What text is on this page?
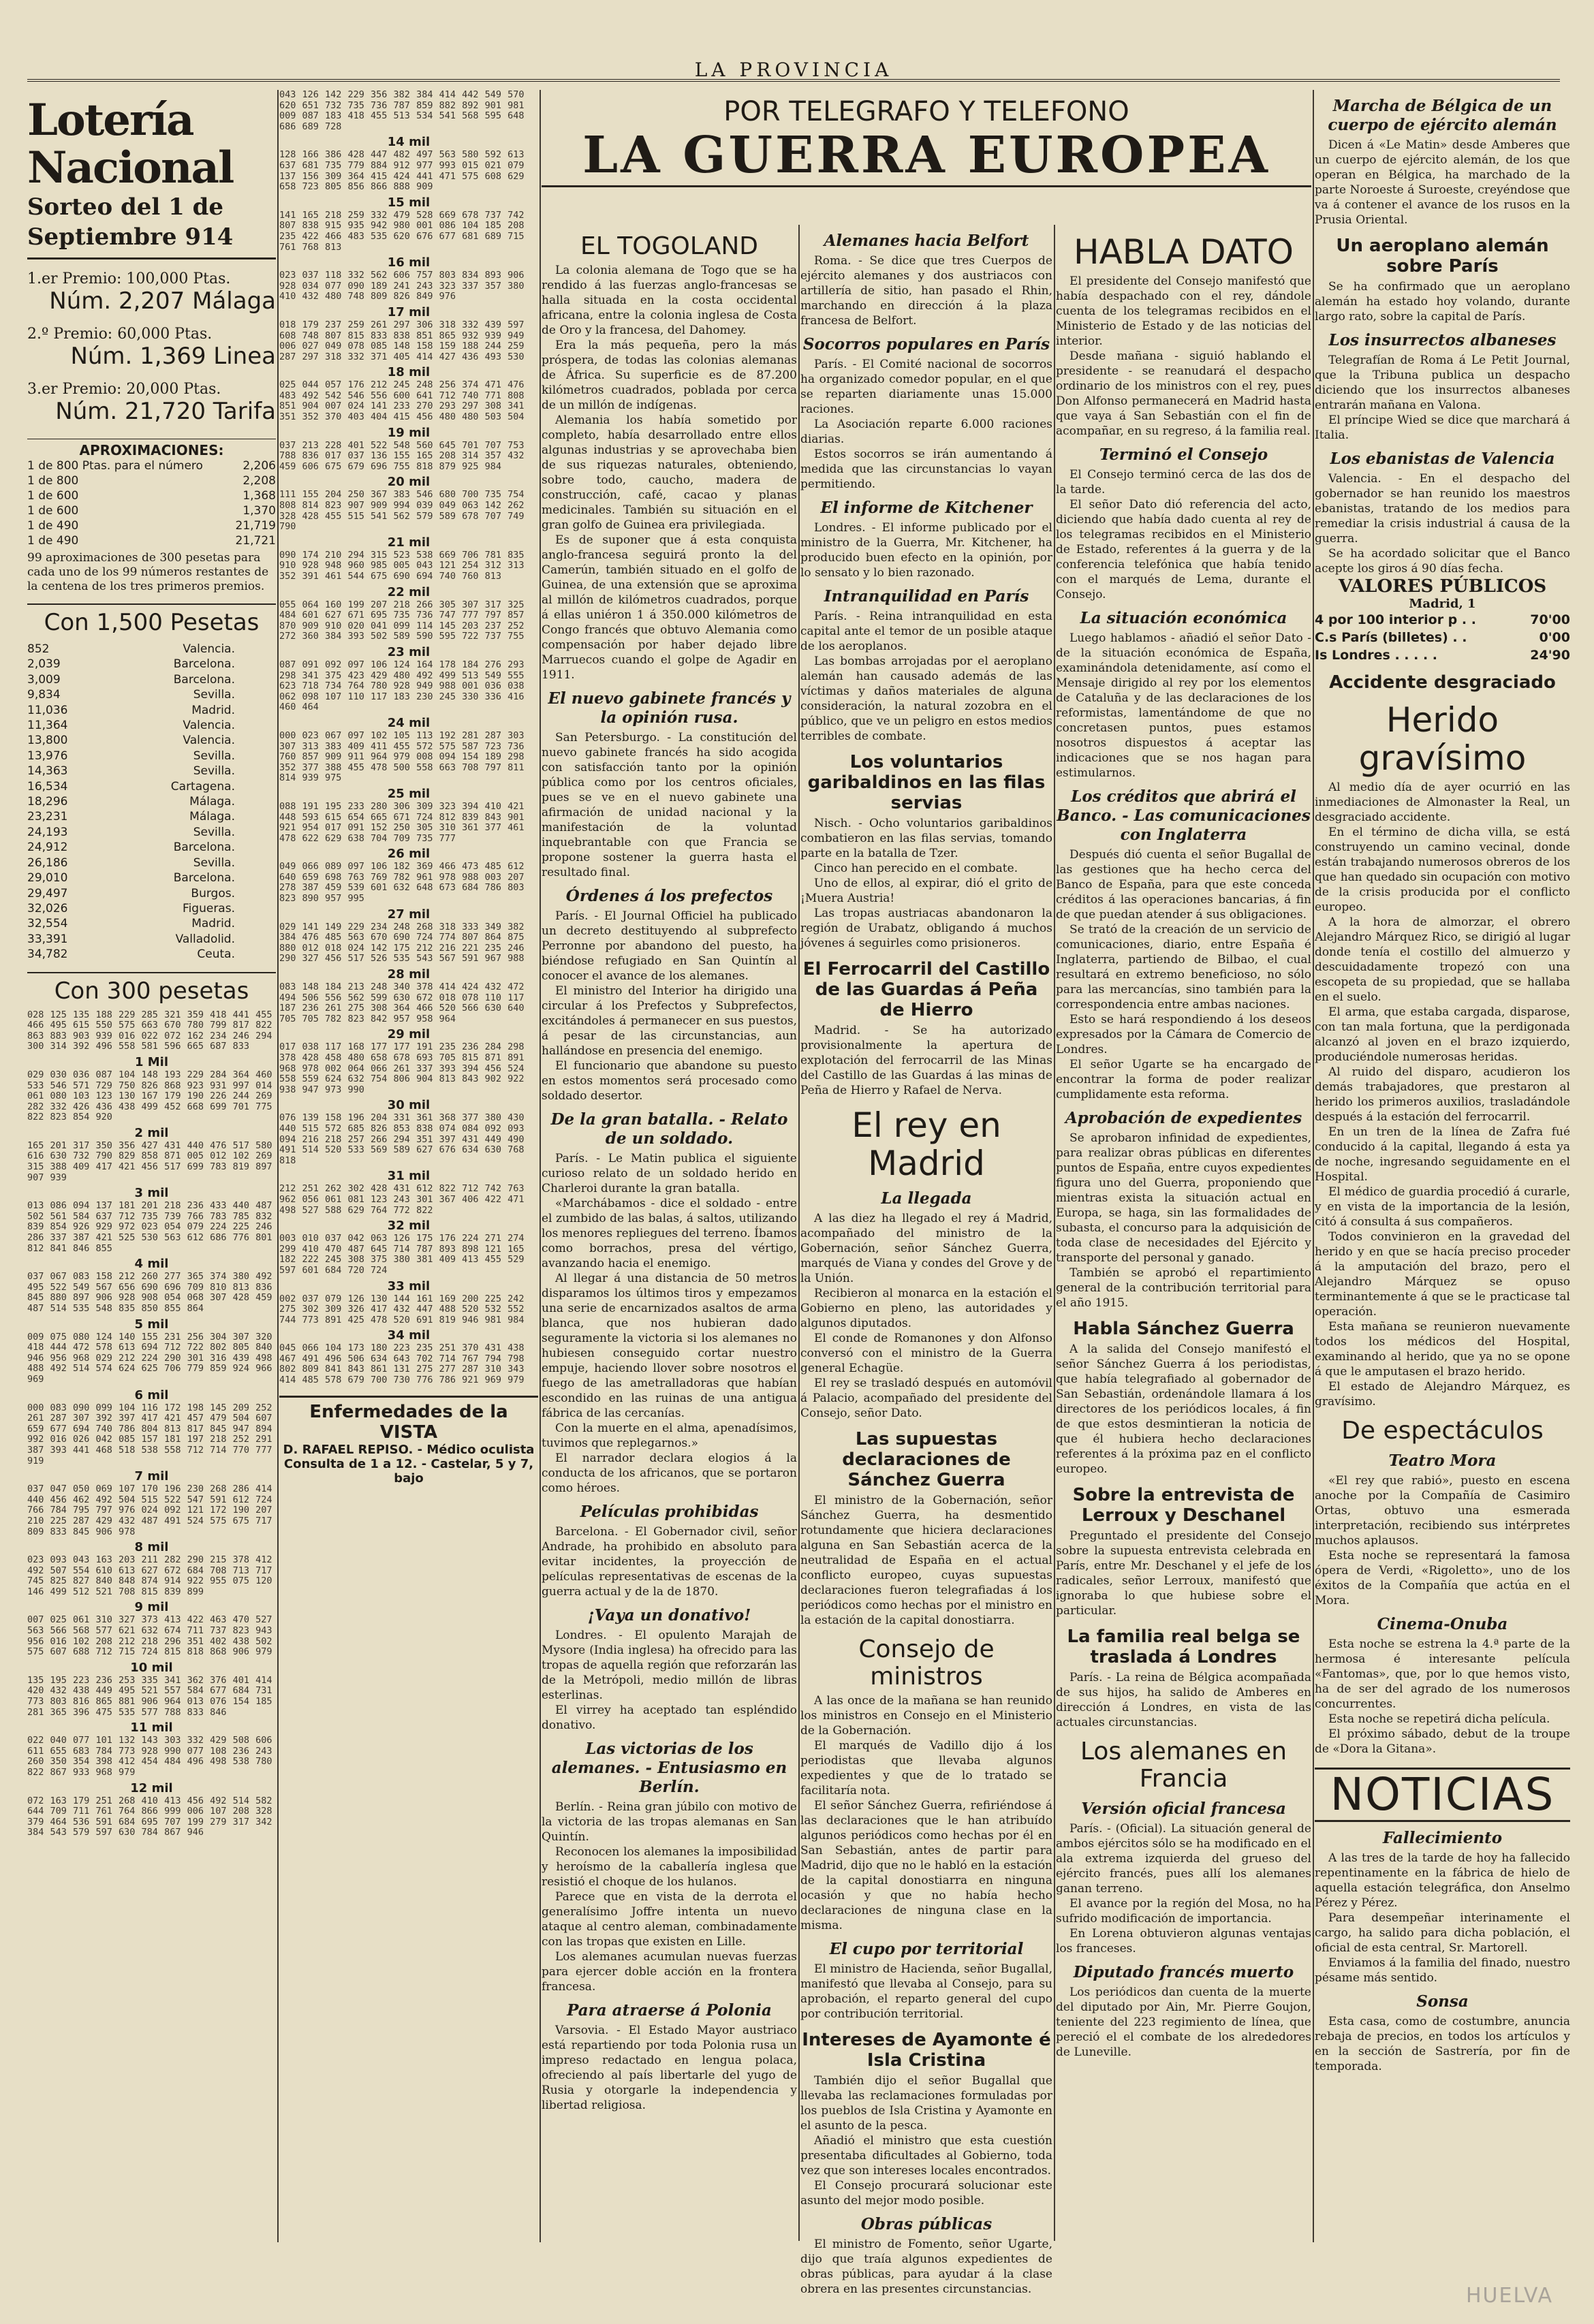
LA PROVINCIA
Lotería Nacional
Sorteo del 1 de Septiembre 914
1.er Premio: 100,000 Ptas.
Núm. 2,207 Málaga
2.º Premio: 60,000 Ptas.
Núm. 1,369 Linea
3.er Premio: 20,000 Ptas.
Núm. 21,720 Tarifa
APROXIMACIONES:
1 de 800 Ptas. para el número	2,206
1 de 800	2,208
1 de 600	1,368
1 de 600	1,370
1 de 490	21,719
1 de 490	21,721
99 aproximaciones de 300 pesetas para cada uno de los 99 números restantes de la centena de los tres primeros premios.
Con 1,500 Pesetas
852	Valencia.
2,039	Barcelona.
3,009	Barcelona.
9,834	Sevilla.
11,036	Madrid.
11,364	Valencia.
13,800	Valencia.
13,976	Sevilla.
14,363	Sevilla.
16,534	Cartagena.
18,296	Málaga.
23,231	Málaga.
24,193	Sevilla.
24,912	Barcelona.
26,186	Sevilla.
29,010	Barcelona.
29,497	Burgos.
32,026	Figueras.
32,554	Madrid.
33,391	Valladolid.
34,782	Ceuta.
Con 300 pesetas
028 125 135 188 229 285 321 359 418 441 455 466 495 615 550 575 663 670 780 799 817 822 863 883 903 939 016 022 072 162 234 246 294 300 314 392 496 558 581 596 665 687 833
1 Mil
029 030 036 087 104 148 193 229 284 364 460 533 546 571 729 750 826 868 923 931 997 014 061 080 103 123 130 167 179 190 226 244 269 282 332 426 436 438 499 452 668 699 701 775 822 823 854 920
2 mil
165 201 317 350 356 427 431 440 476 517 580 616 630 732 790 829 858 871 005 012 102 269 315 388 409 417 421 456 517 699 783 819 897 907 939
3 mil
013 086 094 137 181 201 218 236 433 440 487 502 561 584 637 712 735 739 766 783 785 832 839 854 926 929 972 023 054 079 224 225 246 286 337 387 421 525 530 563 612 686 776 801 812 841 846 855
4 mil
037 067 083 158 212 260 277 365 374 380 492 495 522 549 567 656 690 696 709 810 813 836 845 880 897 906 928 908 054 068 307 428 459 487 514 535 548 835 850 855 864
5 mil
009 075 080 124 140 155 231 256 304 307 320 418 444 472 578 613 694 712 722 802 805 840 946 956 968 029 212 224 290 301 316 439 498 488 492 514 574 624 625 706 779 859 924 966 969
6 mil
000 083 090 099 104 116 172 198 145 209 252 261 287 307 392 397 417 421 457 479 504 607 659 677 694 740 786 804 813 817 845 947 894 992 016 026 042 085 157 181 197 218 252 291 387 393 441 468 518 538 558 712 714 770 777 919
7 mil
037 047 050 069 107 170 196 230 268 286 414 440 456 462 492 504 515 522 547 591 612 724 766 784 795 797 976 024 092 121 172 190 207 210 225 287 429 432 487 491 524 575 675 717 809 833 845 906 978
8 mil
023 093 043 163 203 211 282 290 215 378 412 492 507 554 610 613 627 672 684 708 713 717 745 825 827 840 848 874 914 922 955 075 120 146 499 512 521 708 815 839 899
9 mil
007 025 061 310 327 373 413 422 463 470 527 563 566 568 577 621 632 674 711 737 823 943 956 016 102 208 212 218 296 351 402 438 502 575 607 688 712 715 724 815 818 868 906 979
10 mil
135 195 223 236 253 335 341 362 376 401 414 420 432 438 449 495 521 557 584 677 684 731 773 803 816 865 881 906 964 013 076 154 185 281 365 396 475 535 577 788 833 846
11 mil
022 040 077 101 132 143 303 332 429 508 606 611 655 683 784 773 928 990 077 108 236 243 260 350 354 398 412 454 484 496 498 538 780 822 867 933 968 979
12 mil
072 163 179 251 268 410 413 456 492 514 582 644 709 711 761 764 866 999 006 107 208 328 379 464 536 591 684 695 707 199 279 317 342 384 543 579 597 630 784 867 946
043 126 142 229 356 382 384 414 442 549 570 620 651 732 735 736 787 859 882 892 901 981 009 087 183 418 455 513 534 541 568 595 648 686 689 728
14 mil
128 166 386 428 447 482 497 563 580 592 613 637 681 735 779 884 912 977 993 015 021 079 137 156 309 364 415 424 441 471 575 608 629 658 723 805 856 866 888 909
15 mil
141 165 218 259 332 479 528 669 678 737 742 807 838 915 935 942 980 001 086 104 185 208 235 422 466 483 535 620 676 677 681 689 715 761 768 813
16 mil
023 037 118 332 562 606 757 803 834 893 906 928 034 077 090 189 241 243 323 337 357 380 410 432 480 748 809 826 849 976
17 mil
018 179 237 259 261 297 306 318 332 439 597 608 748 807 815 833 838 851 865 932 939 949 006 027 049 078 085 148 158 159 188 244 259 287 297 318 332 371 405 414 427 436 493 530
18 mil
025 044 057 176 212 245 248 256 374 471 476 483 492 542 546 556 600 641 712 740 771 808 851 904 007 024 141 233 270 293 297 308 341 351 352 370 403 404 415 456 480 480 503 504
19 mil
037 213 228 401 522 548 560 645 701 707 753 788 836 017 037 136 155 165 208 314 357 432 459 606 675 679 696 755 818 879 925 984
20 mil
111 155 204 250 367 383 546 680 700 735 754 808 814 823 907 909 994 039 049 063 142 262 328 428 455 515 541 562 579 589 678 707 749 790
21 mil
090 174 210 294 315 523 538 669 706 781 835 910 928 948 960 985 005 043 121 254 312 313 352 391 461 544 675 690 694 740 760 813
22 mil
055 064 160 199 207 218 266 305 307 317 325 484 601 627 671 695 735 736 747 777 797 857 870 909 910 020 041 099 114 145 203 237 252 272 360 384 393 502 589 590 595 722 737 755
23 mil
087 091 092 097 106 124 164 178 184 276 293 298 341 375 423 429 480 492 499 513 549 555 623 718 734 764 780 928 949 988 001 036 038 062 098 107 110 117 183 230 245 330 336 416 460 464
24 mil
000 023 067 097 102 105 113 192 281 287 303 307 313 383 409 411 455 572 575 587 723 736 760 857 909 911 964 979 008 094 154 189 298 352 377 388 455 478 500 558 663 708 797 811 814 939 975
25 mil
088 191 195 233 280 306 309 323 394 410 421 448 593 615 654 665 671 724 812 839 843 901 921 954 017 091 152 250 305 310 361 377 461 478 622 629 638 704 709 735 777
26 mil
049 066 089 097 106 182 369 466 473 485 612 640 659 698 763 769 782 961 978 988 003 207 278 387 459 539 601 632 648 673 684 786 803 823 890 957 995
27 mil
029 141 149 229 234 248 268 318 333 349 382 384 476 485 563 670 690 724 774 807 864 875 880 012 018 024 142 175 212 216 221 235 246 290 327 456 517 526 535 543 567 591 967 988
28 mil
083 148 184 213 248 340 378 414 424 432 472 494 506 556 562 599 630 672 018 078 110 117 187 236 261 275 308 364 466 520 566 630 640 705 705 782 823 842 957 958 964
29 mil
017 038 117 168 177 177 191 235 236 284 298 378 428 458 480 658 678 693 705 815 871 891 968 978 002 064 066 261 337 393 394 456 524 558 559 624 632 754 806 904 813 843 902 922 938 947 973 990
30 mil
076 139 158 196 204 331 361 368 377 380 430 440 515 572 685 826 853 838 074 084 092 093 094 216 218 257 266 294 351 397 431 449 490 491 514 520 533 569 589 627 676 634 630 768 818
31 mil
212 251 262 302 428 431 612 822 712 742 763 962 056 061 081 123 243 301 367 406 422 471 498 527 588 629 764 772 822
32 mil
003 010 037 042 063 126 175 176 224 271 274 299 410 470 487 645 714 787 893 898 121 165 182 222 245 308 375 380 381 409 413 455 529 597 601 684 720 724
33 mil
002 037 079 126 130 144 161 169 200 225 242 275 302 309 326 417 432 447 488 520 532 552 744 773 891 425 478 520 691 819 946 981 984
34 mil
045 066 104 173 180 223 235 251 370 431 438 467 491 496 506 634 643 702 714 767 794 798 802 809 841 843 861 131 275 277 287 310 343 414 485 578 679 700 730 776 786 921 969 979
Enfermedades de la VISTA
D. RAFAEL REPISO. - Médico oculista
Consulta de 1 a 12. - Castelar, 5 y 7, bajo
POR TELEGRAFO Y TELEFONO
LA GUERRA EUROPEA
EL TOGOLAND

La colonia alemana de Togo que se ha rendido á las fuerzas anglo-francesas se halla situada en la costa occidental africana, entre la colonia inglesa de Costa de Oro y la francesa, del Dahomey.

Era la más pequeña, pero la más próspera, de todas las colonias alemanas de África. Su superficie es de 87.200 kilómetros cuadrados, poblada por cerca de un millón de indígenas.

Alemania los había sometido por completo, había desarrollado entre ellos algunas industrias y se aprovechaba bien de sus riquezas naturales, obteniendo, sobre todo, caucho, madera de construcción, café, cacao y planas medicinales. También su situación en el gran golfo de Guinea era privilegiada.

Es de suponer que á esta conquista anglo-francesa seguirá pronto la del Camerún, también situado en el golfo de Guinea, de una extensión que se aproxima al millón de kilómetros cuadrados, porque á ellas uniéron 1 á 350.000 kilómetros de Congo francés que obtuvo Alemania como compensación por haber dejado libre Marruecos cuando el golpe de Agadir en 1911.

El nuevo gabinete francés y la opinión rusa.

San Petersburgo. - La constitución del nuevo gabinete francés ha sido acogida con satisfacción tanto por la opinión pública como por los centros oficiales, pues se ve en el nuevo gabinete una afirmación de unidad nacional y la manifestación de la voluntad inquebrantable con que Francia se propone sostener la guerra hasta el resultado final.

Órdenes á los prefectos

París. - El Journal Officiel ha publicado un decreto destituyendo al subprefecto Perronne por abandono del puesto, ha biéndose refugiado en San Quintín al conocer el avance de los alemanes.

El ministro del Interior ha dirigido una circular á los Prefectos y Subprefectos, excitándoles á permanecer en sus puestos, á pesar de las circunstancias, aun hallándose en presencia del enemigo.

El funcionario que abandone su puesto en estos momentos será procesado como soldado desertor.

De la gran batalla. - Relato de un soldado.

París. - Le Matin publica el siguiente curioso relato de un soldado herido en Charleroi durante la gran batalla.

«Marchábamos - dice el soldado - entre el zumbido de las balas, á saltos, utilizando los menores repliegues del terreno. Íbamos como borrachos, presa del vértigo, avanzando hacia el enemigo.

Al llegar á una distancia de 50 metros disparamos los últimos tiros y empezamos una serie de encarnizados asaltos de arma blanca, que nos hubieran dado seguramente la victoria si los alemanes no hubiesen conseguido cortar nuestro empuje, haciendo llover sobre nosotros el fuego de las ametralladoras que habían escondido en las ruinas de una antigua fábrica de las cercanías.

Con la muerte en el alma, apenadísimos, tuvimos que replegarnos.»

El narrador declara elogios á la conducta de los africanos, que se portaron como héroes.

Películas prohibidas

Barcelona. - El Gobernador civil, señor Andrade, ha prohibido en absoluto para evitar incidentes, la proyección de películas representativas de escenas de la guerra actual y de la de 1870.

¡Vaya un donativo!

Londres. - El opulento Marajah de Mysore (India inglesa) ha ofrecido para las tropas de aquella región que reforzarán las de la Metrópoli, medio millón de libras esterlinas.

El virrey ha aceptado tan espléndido donativo.

Las victorias de los alemanes. - Entusiasmo en Berlín.

Berlín. - Reina gran júbilo con motivo de la victoria de las tropas alemanas en San Quintín.

Reconocen los alemanes la imposibilidad y heroísmo de la caballería inglesa que resistió el choque de los hulanos.

Parece que en vista de la derrota el generalísimo Joffre intenta un nuevo ataque al centro aleman, combinadamente con las tropas que existen en Lille.

Los alemanes acumulan nuevas fuerzas para ejercer doble acción en la frontera francesa.

Para atraerse á Polonia

Varsovia. - El Estado Mayor austriaco está repartiendo por toda Polonia rusa un impreso redactado en lengua polaca, ofreciendo al país libertarle del yugo de Rusia y otorgarle la independencia y libertad religiosa.

Alemanes hacia Belfort

Roma. - Se dice que tres Cuerpos de ejército alemanes y dos austriacos con artillería de sitio, han pasado el Rhin, marchando en dirección á la plaza francesa de Belfort.

Socorros populares en París

París. - El Comité nacional de socorros ha organizado comedor popular, en el que se reparten diariamente unas 15.000 raciones.

La Asociación reparte 6.000 raciones diarias.

Estos socorros se irán aumentando á medida que las circunstancias lo vayan permitiendo.

El informe de Kitchener

Londres. - El informe publicado por el ministro de la Guerra, Mr. Kitchener, ha producido buen efecto en la opinión, por lo sensato y lo bien razonado.

Intranquilidad en París

París. - Reina intranquilidad en esta capital ante el temor de un posible ataque de los aeroplanos.

Las bombas arrojadas por el aeroplano alemán han causado además de las víctimas y daños materiales de alguna consideración, la natural zozobra en el público, que ve un peligro en estos medios terribles de combate.

Los voluntarios garibaldinos en las filas servias

Nisch. - Ocho voluntarios garibaldinos combatieron en las filas servias, tomando parte en la batalla de Tzer.

Cinco han perecido en el combate.

Uno de ellos, al expirar, dió el grito de ¡Muera Austria!

Las tropas austriacas abandonaron la región de Urabatz, obligando á muchos jóvenes á seguirles como prisioneros.

El Ferrocarril del Castillo de las Guardas á Peña de Hierro

Madrid. - Se ha autorizado provisionalmente la apertura de explotación del ferrocarril de las Minas del Castillo de las Guardas á las minas de Peña de Hierro y Rafael de Nerva.

El rey en Madrid
La llegada

A las diez ha llegado el rey á Madrid, acompañado del ministro de la Gobernación, señor Sánchez Guerra, marqués de Viana y condes del Grove y de la Unión.

Recibieron al monarca en la estación el Gobierno en pleno, las autoridades y algunos diputados.

El conde de Romanones y don Alfonso conversó con el ministro de la Guerra general Echagüe.

El rey se trasladó después en automóvil á Palacio, acompañado del presidente del Consejo, señor Dato.

Las supuestas declaraciones de Sánchez Guerra

El ministro de la Gobernación, señor Sánchez Guerra, ha desmentido rotundamente que hiciera declaraciones alguna en San Sebastián acerca de la neutralidad de España en el actual conflicto europeo, cuyas supuestas declaraciones fueron telegrafiadas á los periódicos como hechas por el ministro en la estación de la capital donostiarra.

Consejo de ministros

A las once de la mañana se han reunido los ministros en Consejo en el Ministerio de la Gobernación.

El marqués de Vadillo dijo á los periodistas que llevaba algunos expedientes y que de lo tratado se facilitaría nota.

El señor Sánchez Guerra, refiriéndose á las declaraciones que le han atribuído algunos periódicos como hechas por él en San Sebastián, antes de partir para Madrid, dijo que no le habló en la estación de la capital donostiarra en ninguna ocasión y que no había hecho declaraciones de ninguna clase en la misma.

El cupo por territorial

El ministro de Hacienda, señor Bugallal, manifestó que llevaba al Consejo, para su aprobación, el reparto general del cupo por contribución territorial.

Intereses de Ayamonte é Isla Cristina

También dijo el señor Bugallal que llevaba las reclamaciones formuladas por los pueblos de Isla Cristina y Ayamonte en el asunto de la pesca.

Añadió el ministro que esta cuestión presentaba dificultades al Gobierno, toda vez que son intereses locales encontrados.

El Consejo procurará solucionar este asunto del mejor modo posible.

Obras públicas

El ministro de Fomento, señor Ugarte, dijo que traía algunos expedientes de obras públicas, para ayudar á la clase obrera en las presentes circunstancias.

HABLA DATO

El presidente del Consejo manifestó que había despachado con el rey, dándole cuenta de los telegramas recibidos en el Ministerio de Estado y de las noticias del interior.

Desde mañana - siguió hablando el presidente - se reanudará el despacho ordinario de los ministros con el rey, pues Don Alfonso permanecerá en Madrid hasta que vaya á San Sebastián con el fin de acompañar, en su regreso, á la familia real.

Terminó el Consejo

El Consejo terminó cerca de las dos de la tarde.

El señor Dato dió referencia del acto, diciendo que había dado cuenta al rey de los telegramas recibidos en el Ministerio de Estado, referentes á la guerra y de la conferencia telefónica que había tenido con el marqués de Lema, durante el Consejo.

La situación económica

Luego hablamos - añadió el señor Dato - de la situación económica de España, examinándola detenidamente, así como el Mensaje dirigido al rey por los elementos de Cataluña y de las declaraciones de los reformistas, lamentándome de que no concretasen puntos, pues estamos nosotros dispuestos á aceptar las indicaciones que se nos hagan para estimularnos.

Los créditos que abrirá el Banco. - Las comunicaciones con Inglaterra

Después dió cuenta el señor Bugallal de las gestiones que ha hecho cerca del Banco de España, para que este conceda créditos á las operaciones bancarias, á fin de que puedan atender á sus obligaciones.

Se trató de la creación de un servicio de comunicaciones, diario, entre España é Inglaterra, partiendo de Bilbao, el cual resultará en extremo beneficioso, no sólo para las mercancías, sino también para la correspondencia entre ambas naciones.

Esto se hará respondiendo á los deseos expresados por la Cámara de Comercio de Londres.

El señor Ugarte se ha encargado de encontrar la forma de poder realizar cumplidamente esta reforma.

Aprobación de expedientes

Se aprobaron infinidad de expedientes, para realizar obras públicas en diferentes puntos de España, entre cuyos expedientes figura uno del Guerra, proponiendo que mientras exista la situación actual en Europa, se haga, sin las formalidades de subasta, el concurso para la adquisición de toda clase de necesidades del Ejército y transporte del personal y ganado.

También se aprobó el repartimiento general de la contribución territorial para el año 1915.

Habla Sánchez Guerra

A la salida del Consejo manifestó el señor Sánchez Guerra á los periodistas, que había telegrafiado al gobernador de San Sebastián, ordenándole llamara á los directores de los periódicos locales, á fin de que estos desmintieran la noticia de que él hubiera hecho declaraciones referentes á la próxima paz en el conflicto europeo.

Sobre la entrevista de Lerroux y Deschanel

Preguntado el presidente del Consejo sobre la supuesta entrevista celebrada en París, entre Mr. Deschanel y el jefe de los radicales, señor Lerroux, manifestó que ignoraba lo que hubiese sobre el particular.

La familia real belga se traslada á Londres

París. - La reina de Bélgica acompañada de sus hijos, ha salido de Amberes en dirección á Londres, en vista de las actuales circunstancias.

Los alemanes en Francia
Versión oficial francesa

París. - (Oficial). La situación general de ambos ejércitos sólo se ha modificado en el ala extrema izquierda del grueso del ejército francés, pues allí los alemanes ganan terreno.

El avance por la región del Mosa, no ha sufrido modificación de importancia.

En Lorena obtuvieron algunas ventajas los franceses.

Diputado francés muerto

Los periódicos dan cuenta de la muerte del diputado por Ain, Mr. Pierre Goujon, teniente del 223 regimiento de línea, que pereció el el combate de los alrededores de Luneville.

Marcha de Bélgica de un cuerpo de ejército alemán

Dicen á «Le Matin» desde Amberes que un cuerpo de ejército alemán, de los que operan en Bélgica, ha marchado de la parte Noroeste á Suroeste, creyéndose que va á contener el avance de los rusos en la Prusia Oriental.

Un aeroplano alemán sobre París

Se ha confirmado que un aeroplano alemán ha estado hoy volando, durante largo rato, sobre la capital de París.

Los insurrectos albaneses

Telegrafían de Roma á Le Petit Journal, que la Tribuna publica un despacho diciendo que los insurrectos albaneses entrarán mañana en Valona.

El príncipe Wied se dice que marchará á Italia.

Los ebanistas de Valencia

Valencia. - En el despacho del gobernador se han reunido los maestros ebanistas, tratando de los medios para remediar la crisis industrial á causa de la guerra.

Se ha acordado solicitar que el Banco acepte los giros á 90 días fecha.

VALORES PÚBLICOS
Madrid, 1
4 por 100 interior p . .	70'00
C.s París (billetes) . .	0'00
Is Londres . . . . .	24'90
Accidente desgraciado
Herido gravísimo

Al medio día de ayer ocurrió en las inmediaciones de Almonaster la Real, un desgraciado accidente.

En el término de dicha villa, se está construyendo un camino vecinal, donde están trabajando numerosos obreros de los que han quedado sin ocupación con motivo de la crisis producida por el conflicto europeo.

A la hora de almorzar, el obrero Alejandro Márquez Rico, se dirigió al lugar donde tenía el costillo del almuerzo y descuidadamente tropezó con una escopeta de su propiedad, que se hallaba en el suelo.

El arma, que estaba cargada, disparose, con tan mala fortuna, que la perdigonada alcanzó al joven en el brazo izquierdo, produciéndole numerosas heridas.

Al ruido del disparo, acudieron los demás trabajadores, que prestaron al herido los primeros auxilios, trasladándole después á la estación del ferrocarril.

En un tren de la línea de Zafra fué conducido á la capital, llegando á esta ya de noche, ingresando seguidamente en el Hospital.

El médico de guardia procedió á curarle, y en vista de la importancia de la lesión, citó á consulta á sus compañeros.

Todos convinieron en la gravedad del herido y en que se hacía preciso proceder á la amputación del brazo, pero el Alejandro Márquez se opuso terminantemente á que se le practicase tal operación.

Esta mañana se reunieron nuevamente todos los médicos del Hospital, examinando al herido, que ya no se opone á que le amputasen el brazo herido.

El estado de Alejandro Márquez, es gravísimo.

De espectáculos
Teatro Mora

«El rey que rabió», puesto en escena anoche por la Compañía de Casimiro Ortas, obtuvo una esmerada interpretación, recibiendo sus intérpretes muchos aplausos.

Esta noche se representará la famosa ópera de Verdi, «Rigoletto», uno de los éxitos de la Compañía que actúa en el Mora.

Cinema-Onuba

Esta noche se estrena la 4.ª parte de la hermosa é interesante película «Fantomas», que, por lo que hemos visto, ha de ser del agrado de los numerosos concurrentes.

Esta noche se repetirá dicha película.

El próximo sábado, debut de la troupe de «Dora la Gitana».

NOTICIAS
Fallecimiento

A las tres de la tarde de hoy ha fallecido repentinamente en la fábrica de hielo de aquella estación telegráfica, don Anselmo Pérez y Pérez.

Para desempeñar interinamente el cargo, ha salido para dicha población, el oficial de esta central, Sr. Martorell.

Enviamos á la familia del finado, nuestro pésame más sentido.

Sonsa

Esta casa, como de costumbre, anuncia rebaja de precios, en todos los artículos y en la sección de Sastrería, por fin de temporada.

HUELVA
